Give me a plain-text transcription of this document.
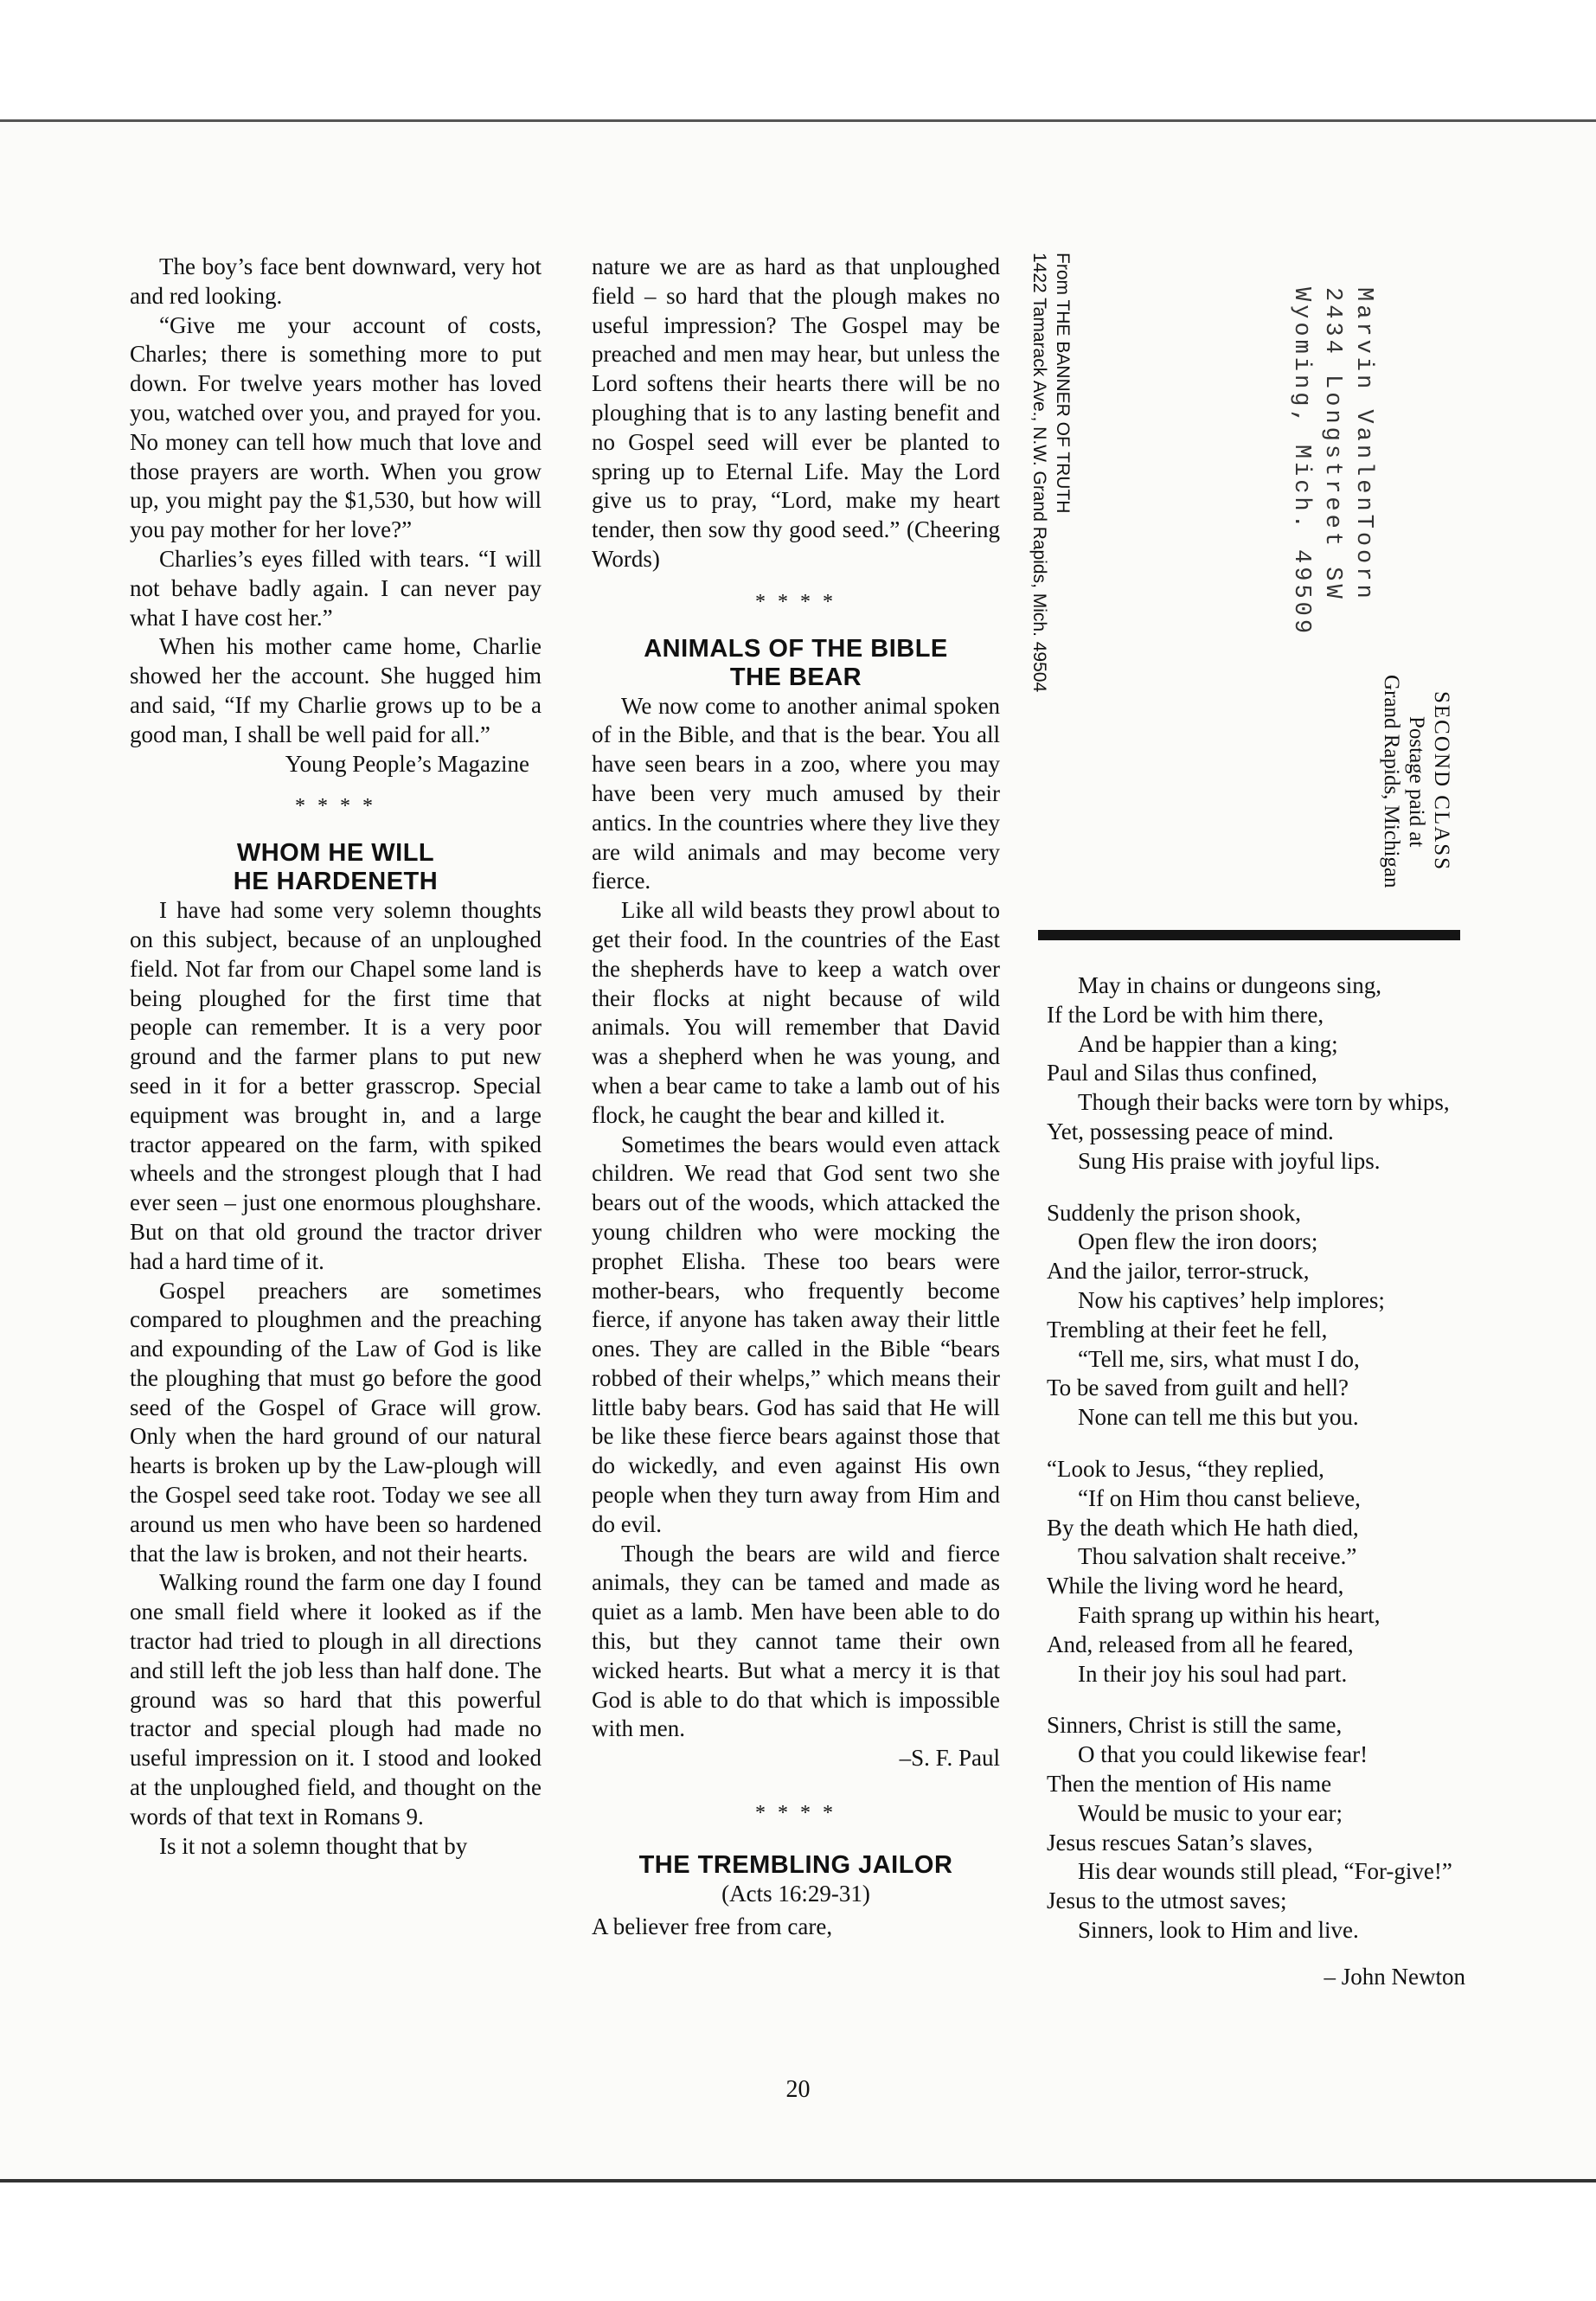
The boy’s face bent downward, very hot and red looking.

“Give me your account of costs, Charles; there is something more to put down. For twelve years mother has loved you, watched over you, and prayed for you. No money can tell how much that love and those prayers are worth. When you grow up, you might pay the $1,530, but how will you pay mother for her love?”

Charlies’s eyes filled with tears. “I will not behave badly again. I can never pay what I have cost her.”

When his mother came home, Charlie showed her the account. She hugged him and said, “If my Charlie grows up to be a good man, I shall be well paid for all.”

Young People’s Magazine

* * * *
WHOM HE WILL
HE HARDENETH

I have had some very solemn thoughts on this subject, because of an unploughed field. Not far from our Chapel some land is being ploughed for the first time that people can remember. It is a very poor ground and the farmer plans to put new seed in it for a better grasscrop. Special equipment was brought in, and a large tractor appeared on the farm, with spiked wheels and the strongest plough that I had ever seen – just one enormous ploughshare. But on that old ground the tractor driver had a hard time of it.

Gospel preachers are sometimes compared to ploughmen and the preaching and expounding of the Law of God is like the ploughing that must go before the good seed of the Gospel of Grace will grow. Only when the hard ground of our natural hearts is broken up by the Law-plough will the Gospel seed take root. Today we see all around us men who have been so hardened that the law is broken, and not their hearts.

Walking round the farm one day I found one small field where it looked as if the tractor had tried to plough in all directions and still left the job less than half done. The ground was so hard that this powerful tractor and special plough had made no useful impression on it. I stood and looked at the unploughed field, and thought on the words of that text in Romans 9.

Is it not a solemn thought that by

nature we are as hard as that unploughed field – so hard that the plough makes no useful impression? The Gospel may be preached and men may hear, but unless the Lord softens their hearts there will be no ploughing that is to any lasting benefit and no Gospel seed will ever be planted to spring up to Eternal Life. May the Lord give us to pray, “Lord, make my heart tender, then sow thy good seed.” (Cheering Words)

* * * *
ANIMALS OF THE BIBLE
THE BEAR

We now come to another animal spoken of in the Bible, and that is the bear. You all have seen bears in a zoo, where you may have been very much amused by their antics. In the countries where they live they are wild animals and may become very fierce.

Like all wild beasts they prowl about to get their food. In the countries of the East the shepherds have to keep a watch over their flocks at night because of wild animals. You will remember that David was a shepherd when he was young, and when a bear came to take a lamb out of his flock, he caught the bear and killed it.

Sometimes the bears would even attack children. We read that God sent two she bears out of the woods, which attacked the young children who were mocking the prophet Elisha. These too bears were mother-bears, who frequently become fierce, if anyone has taken away their little ones. They are called in the Bible “bears robbed of their whelps,” which means their little baby bears. God has said that He will be like these fierce bears against those that do wickedly, and even against His own people when they turn away from Him and do evil.

Though the bears are wild and fierce animals, they can be tamed and made as quiet as a lamb. Men have been able to do this, but they cannot tame their own wicked hearts. But what a mercy it is that God is able to do that which is impossible with men.

–S. F. Paul

* * * *
THE TREMBLING JAILOR

(Acts 16:29-31)

A believer free from care,

From THE BANNER OF TRUTH
1422 Tamarack Ave., N.W. Grand Rapids, Mich. 49504	Marvin VanlenToorn
2434 Longstreet SW
Wyoming, Mich. 49509
SECOND CLASS
Postage paid at
Grand Rapids, Michigan
May in chains or dungeons sing,
If the Lord be with him there,
And be happier than a king;
Paul and Silas thus confined,
Though their backs were torn by whips,
Yet, possessing peace of mind.
Sung His praise with joyful lips.
Suddenly the prison shook,
Open flew the iron doors;
And the jailor, terror-struck,
Now his captives’ help implores;
Trembling at their feet he fell,
“Tell me, sirs, what must I do,
To be saved from guilt and hell?
None can tell me this but you.
“Look to Jesus, “they replied,
“If on Him thou canst believe,
By the death which He hath died,
Thou salvation shalt receive.”
While the living word he heard,
Faith sprang up within his heart,
And, released from all he feared,
In their joy his soul had part.
Sinners, Christ is still the same,
O that you could likewise fear!
Then the mention of His name
Would be music to your ear;
Jesus rescues Satan’s slaves,
His dear wounds still plead, “For-give!”
Jesus to the utmost saves;
Sinners, look to Him and live.

– John Newton

20
